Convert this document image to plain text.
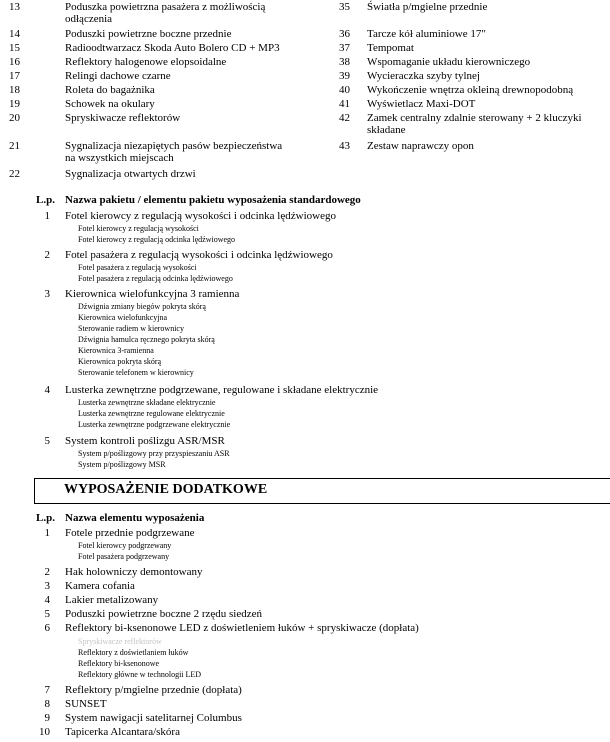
13	Poduszka powietrzna pasażera z możliwością
odłączenia
14	Poduszki powietrzne boczne przednie
15	Radioodtwarzacz Skoda Auto Bolero CD + MP3
16	Reflektory halogenowe elopsoidalne
17	Relingi dachowe czarne
18	Roleta do bagażnika
19	Schowek na okulary
20	Spryskiwacze reflektorów
21	Sygnalizacja niezapiętych pasów bezpieczeństwa
na wszystkich miejscach
22	Sygnalizacja otwartych drzwi
35 Światła p/mgielne przednie
36 Tarcze kół aluminiowe 17"
37 Tempomat
38 Wspomaganie układu kierowniczego
39 Wycieraczka szyby tylnej
40 Wykończenie wnętrza okleiną drewnopodobną
41 Wyświetlacz Maxi-DOT
42 Zamek centralny zdalnie sterowany + 2 kluczyki
składane
43 Zestaw naprawczy opon
L.p. Nazwa pakietu / elementu pakietu wyposażenia standardowego
1 Fotel kierowcy z regulacją wysokości i odcinka lędźwiowego
Fotel kierowcy z regulacją wysokości
Fotel kierowcy z regulacją odcinka lędźwiowego
2 Fotel pasażera z regulacją wysokości i odcinka lędźwiowego
Fotel pasażera z regulacją wysokości
Fotel pasażera z regulacją odcinka lędźwiowego
3 Kierownica wielofunkcyjna 3 ramienna
Dźwignia zmiany biegów pokryta skórą
Kierownica wielofunkcyjna
Sterowanie radiem w kierownicy
Dźwignia hamulca ręcznego pokryta skórą
Kierownica 3-ramienna
Kierownica pokryta skórą
Sterowanie telefonem w kierownicy
4 Lusterka zewnętrzne podgrzewane, regulowane i składane elektrycznie
Lusterka zewnętrzne składane elektrycznie
Lusterka zewnętrzne regulowane elektrycznie
Lusterka zewnętrzne podgrzewane elektrycznie
5 System kontroli poślizgu ASR/MSR
System p/poślizgowy przy przyspieszaniu ASR
System p/poślizgowy MSR
WYPOSAŻENIE DODATKOWE
L.p. Nazwa elementu wyposażenia
1 Fotele przednie podgrzewane
Fotel kierowcy podgrzewany
Fotel pasażera podgrzewany
2 Hak holowniczy demontowany
3 Kamera cofania
4 Lakier metalizowany
5 Poduszki powietrzne boczne 2 rzędu siedzeń
6 Reflektory bi-ksenonowe LED z doświetleniem łuków + spryskiwacze (dopłata)
Spryskiwacze reflektorów
Reflektory z doświetlaniem łuków
Reflektory bi-ksenonowe
Reflektory główne w technologii LED
7 Reflektory p/mgielne przednie (dopłata)
8 SUNSET
9 System nawigacji satelitarnej Columbus
10 Tapicerka Alcantara/skóra
